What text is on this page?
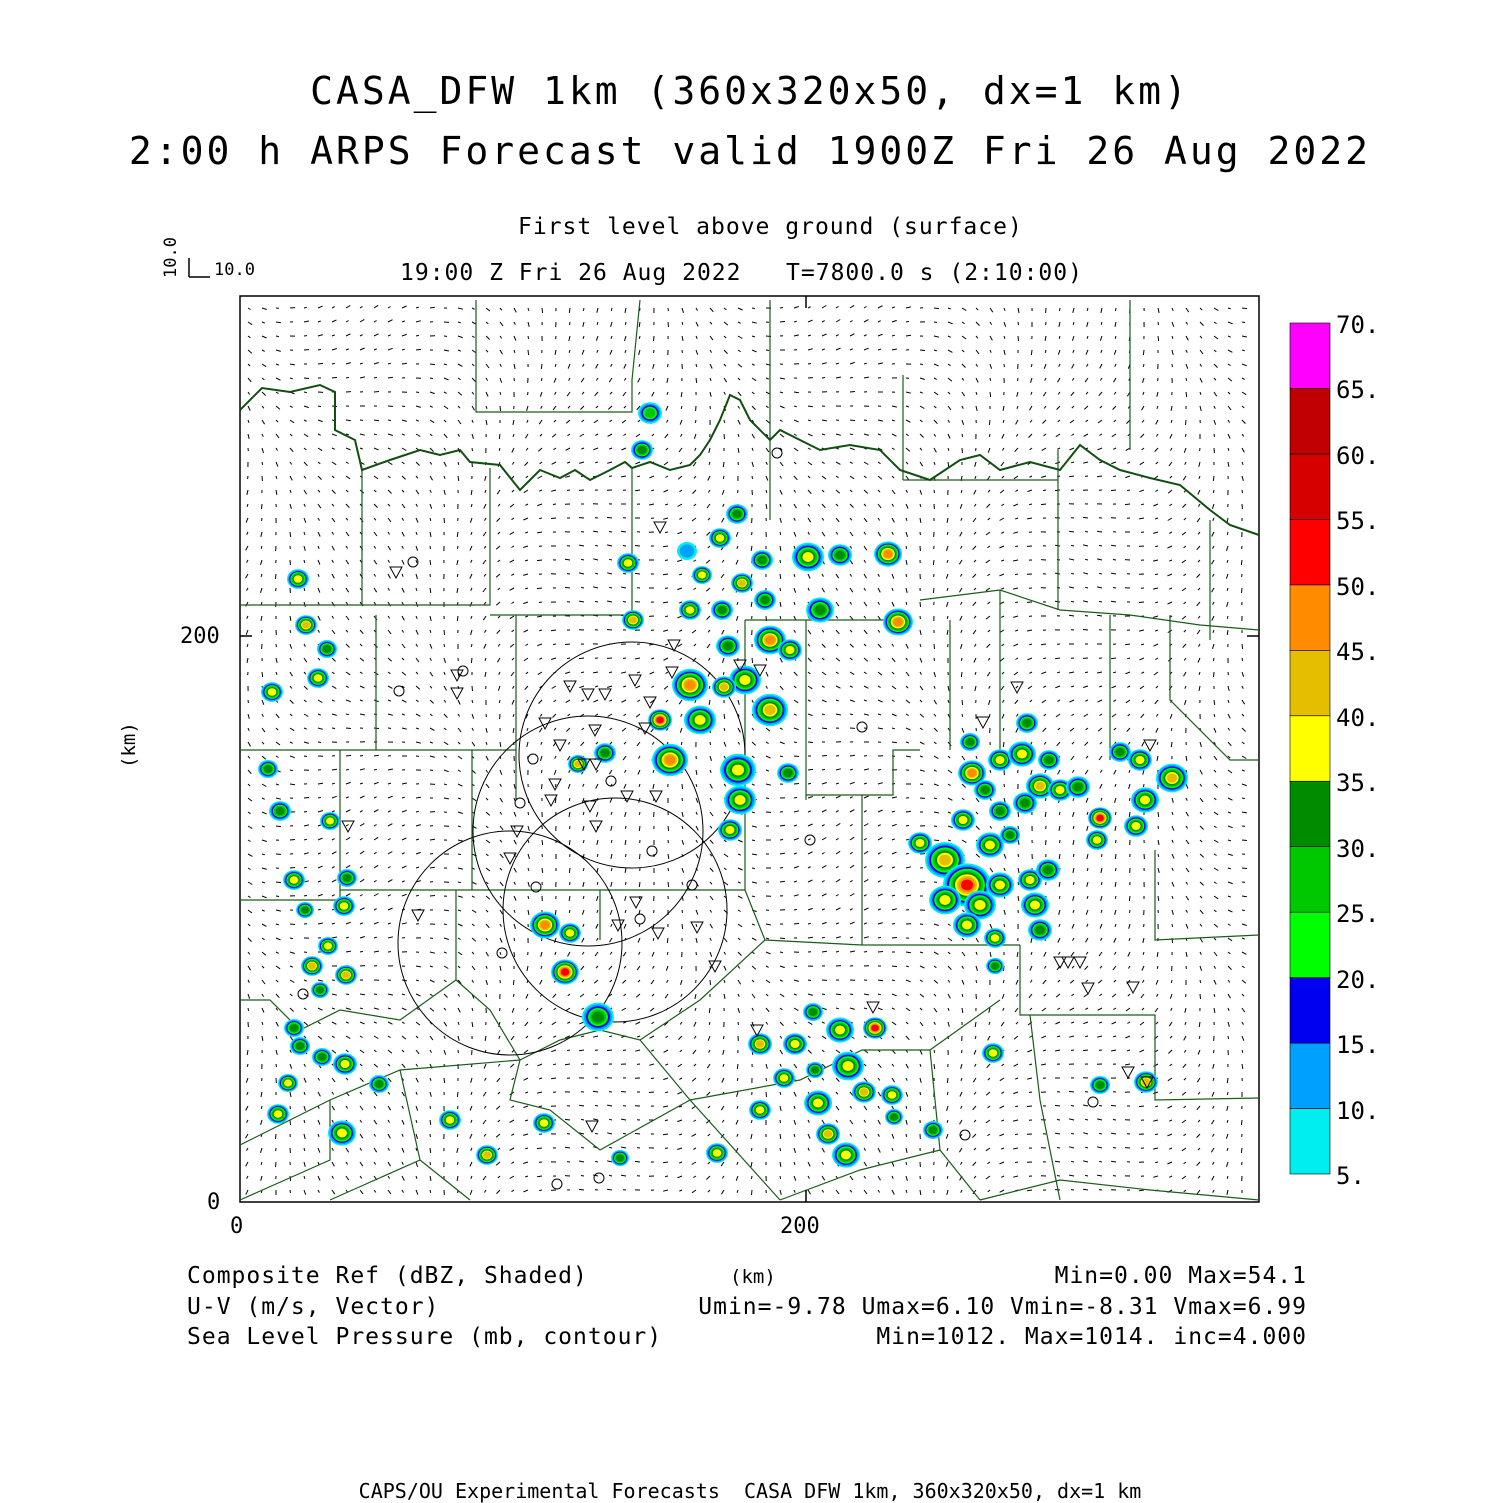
CASA_DFW 1km (360x320x50, dx=1 km)
2:00 h ARPS Forecast valid 1900Z Fri 26 Aug 2022
First level above ground (surface)
19:00 Z Fri 26 Aug 2022   T=7800.0 s (2:10:00)
10.0 10.0
200
0
0	200
(km)
(km)
5.
10.
15.
20.
25.
30.
35.
40.
45.
50.
55.
60.
65.
70.
Composite Ref (dBZ, Shaded)	Min=0.00 Max=54.1
U-V (m/s, Vector)	Umin=-9.78 Umax=6.10 Vmin=-8.31 Vmax=6.99
Sea Level Pressure (mb, contour)	Min=1012. Max=1014. inc=4.000
CAPS/OU Experimental Forecasts  CASA DFW 1km, 360x320x50, dx=1 km
